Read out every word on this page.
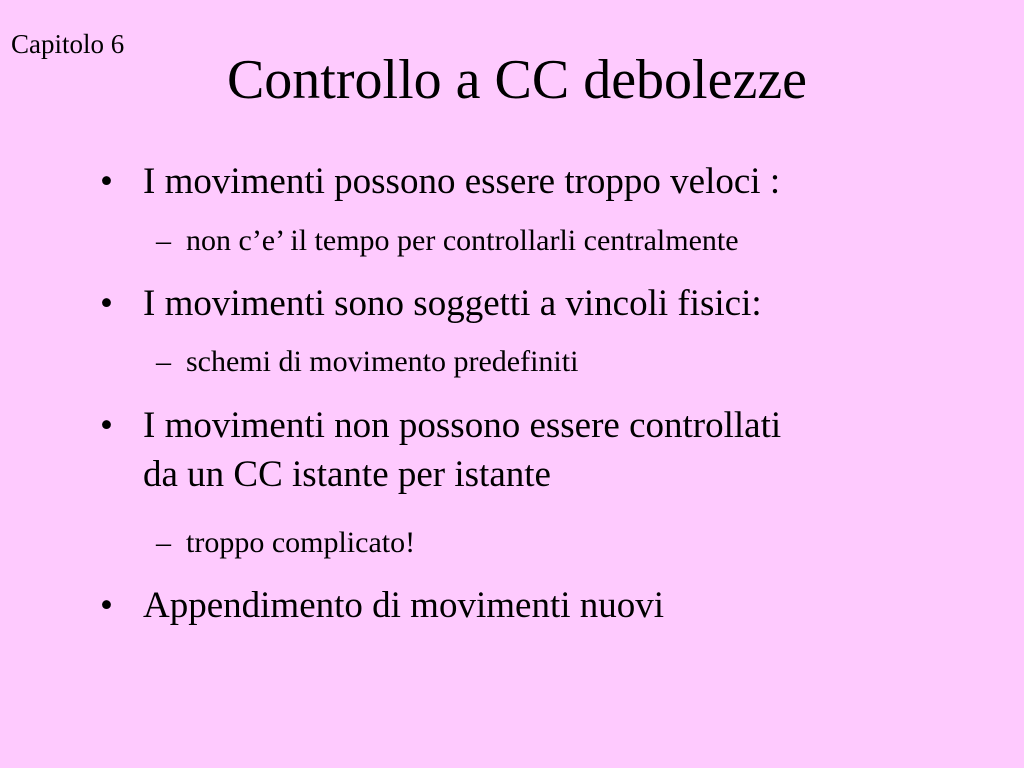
Capitolo 6
Controllo a CC debolezze
• I movimenti possono essere troppo veloci :
– non c’e’ il tempo per controllarli centralmente
• I movimenti sono soggetti a vincoli fisici:
– schemi di movimento predefiniti
• I movimenti non possono essere controllati
da un CC istante per istante
– troppo complicato!
• Appendimento di movimenti nuovi
